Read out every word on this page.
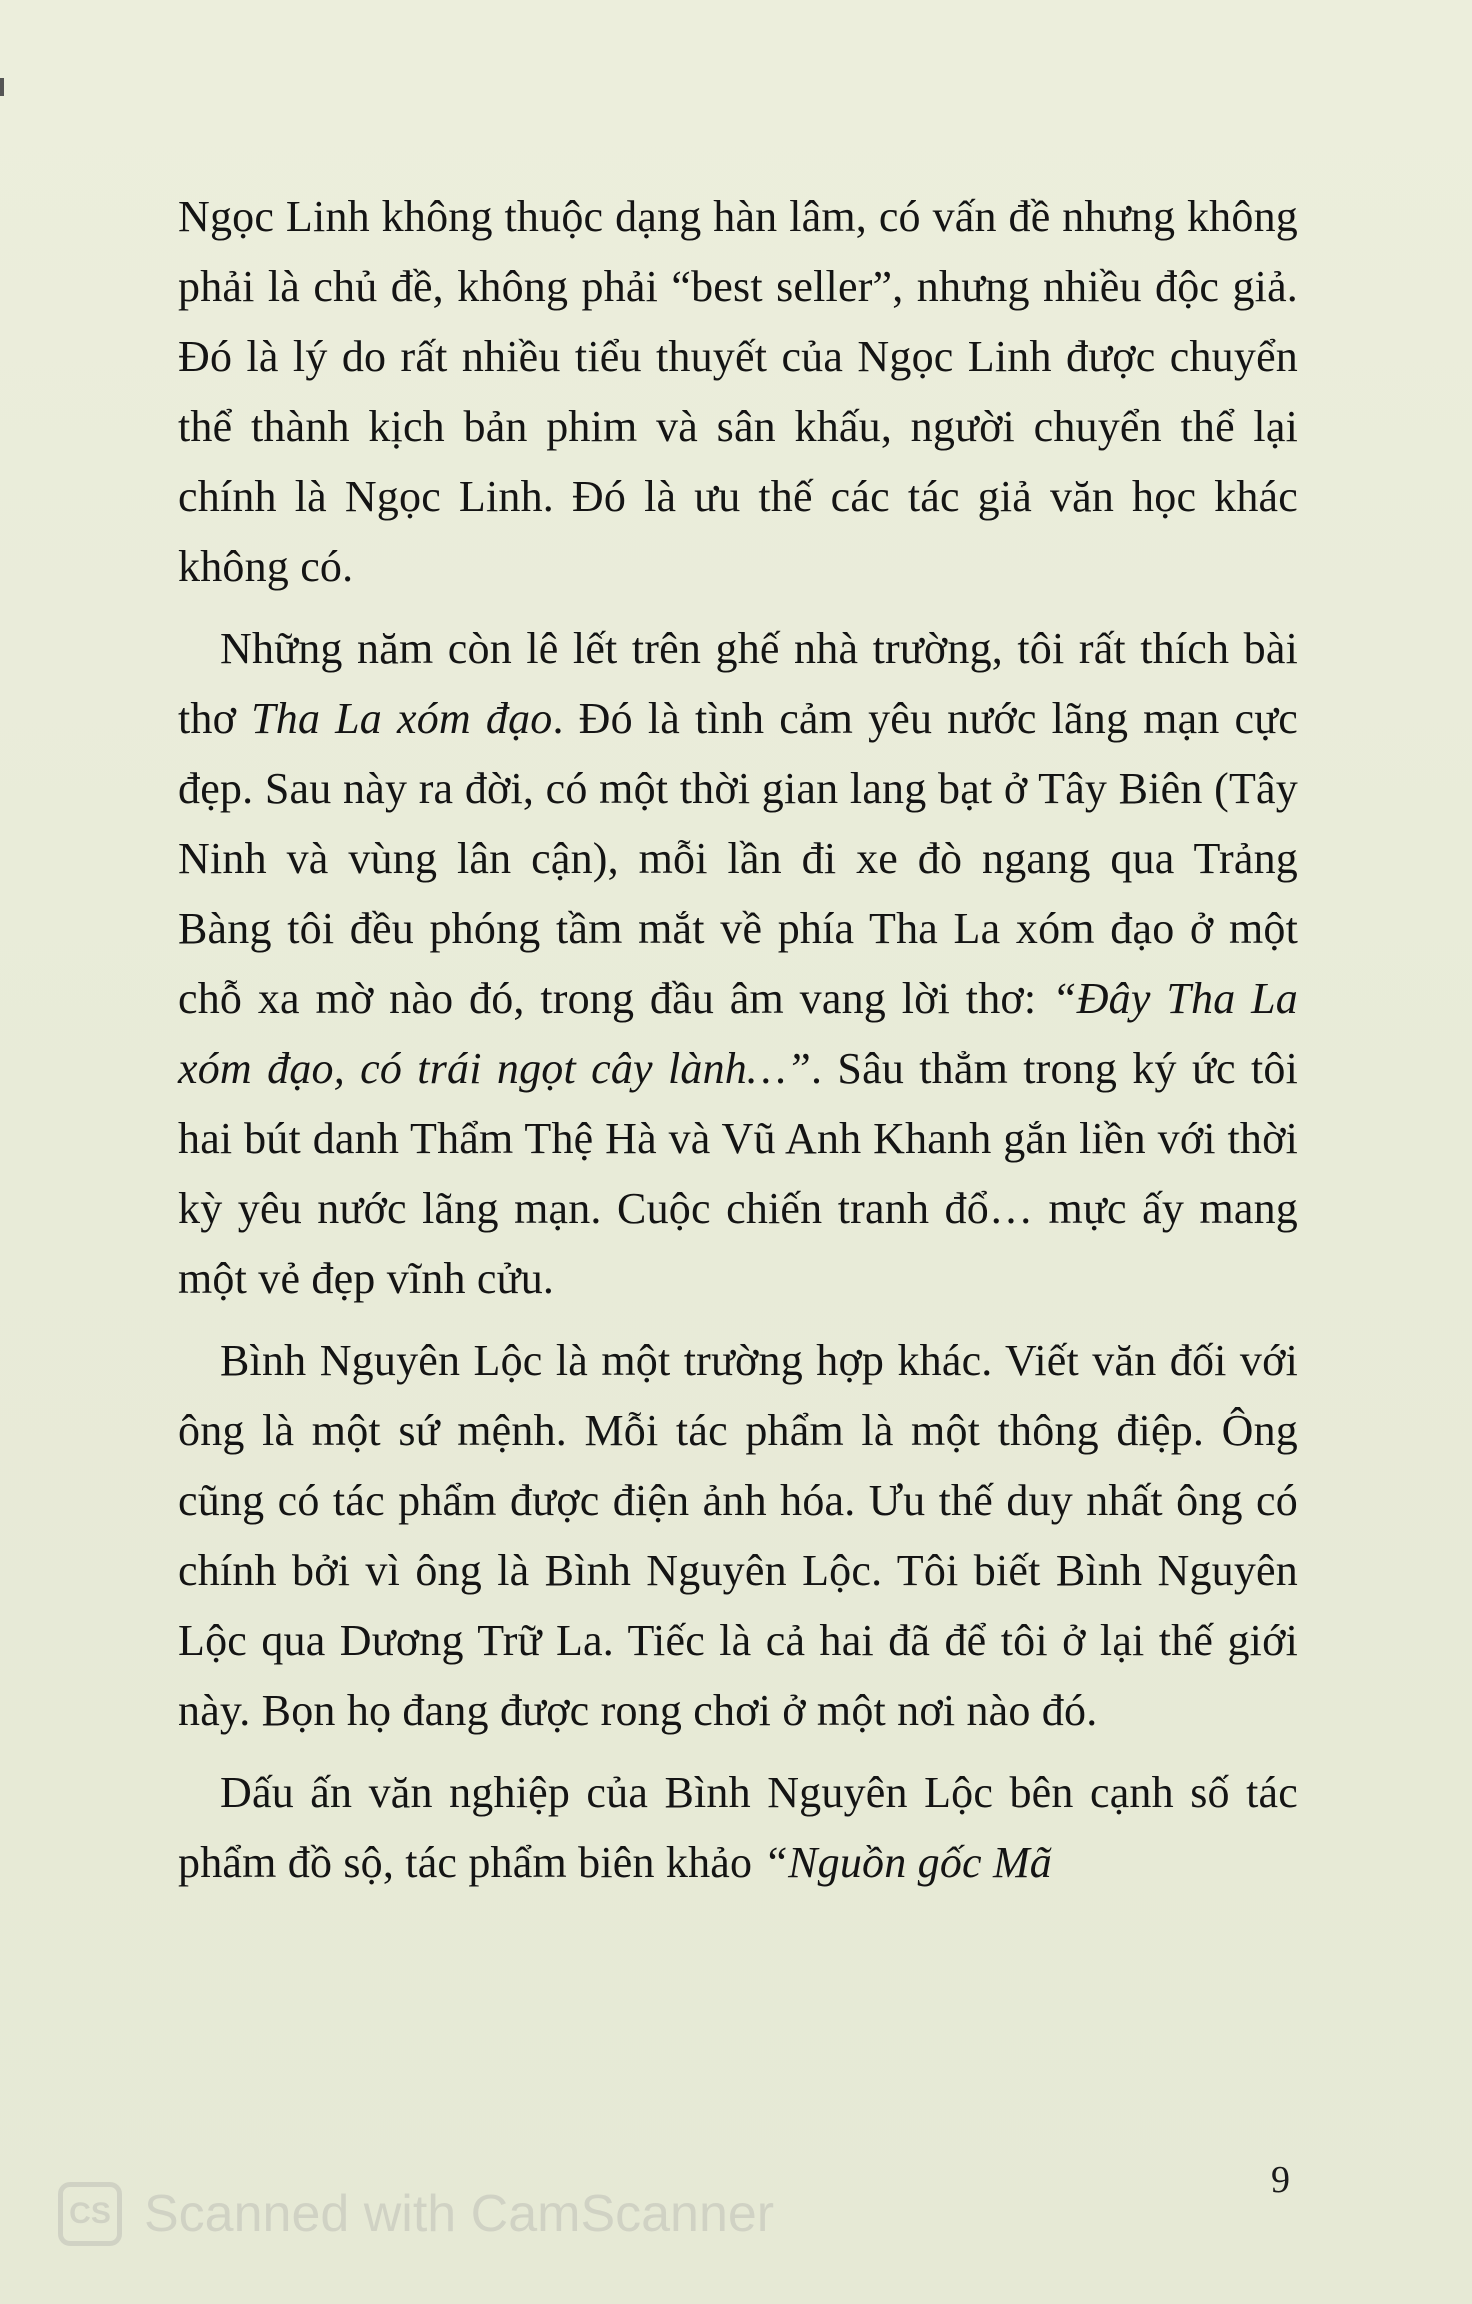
Ngọc Linh không thuộc dạng hàn lâm, có vấn đề nhưng không phải là chủ đề, không phải “best seller”, nhưng nhiều độc giả. Đó là lý do rất nhiều tiểu thuyết của Ngọc Linh được chuyển thể thành kịch bản phim và sân khấu, người chuyển thể lại chính là Ngọc Linh. Đó là ưu thế các tác giả văn học khác không có.

Những năm còn lê lết trên ghế nhà trường, tôi rất thích bài thơ Tha La xóm đạo. Đó là tình cảm yêu nước lãng mạn cực đẹp. Sau này ra đời, có một thời gian lang bạt ở Tây Biên (Tây Ninh và vùng lân cận), mỗi lần đi xe đò ngang qua Trảng Bàng tôi đều phóng tầm mắt về phía Tha La xóm đạo ở một chỗ xa mờ nào đó, trong đầu âm vang lời thơ: “Đây Tha La xóm đạo, có trái ngọt cây lành…”. Sâu thẳm trong ký ức tôi hai bút danh Thẩm Thệ Hà và Vũ Anh Khanh gắn liền với thời kỳ yêu nước lãng mạn. Cuộc chiến tranh đổ… mực ấy mang một vẻ đẹp vĩnh cửu.

Bình Nguyên Lộc là một trường hợp khác. Viết văn đối với ông là một sứ mệnh. Mỗi tác phẩm là một thông điệp. Ông cũng có tác phẩm được điện ảnh hóa. Ưu thế duy nhất ông có chính bởi vì ông là Bình Nguyên Lộc. Tôi biết Bình Nguyên Lộc qua Dương Trữ La. Tiếc là cả hai đã để tôi ở lại thế giới này. Bọn họ đang được rong chơi ở một nơi nào đó.

Dấu ấn văn nghiệp của Bình Nguyên Lộc bên cạnh số tác phẩm đồ sộ, tác phẩm biên khảo “Nguồn gốc Mã

9
CS Scanned with CamScanner
